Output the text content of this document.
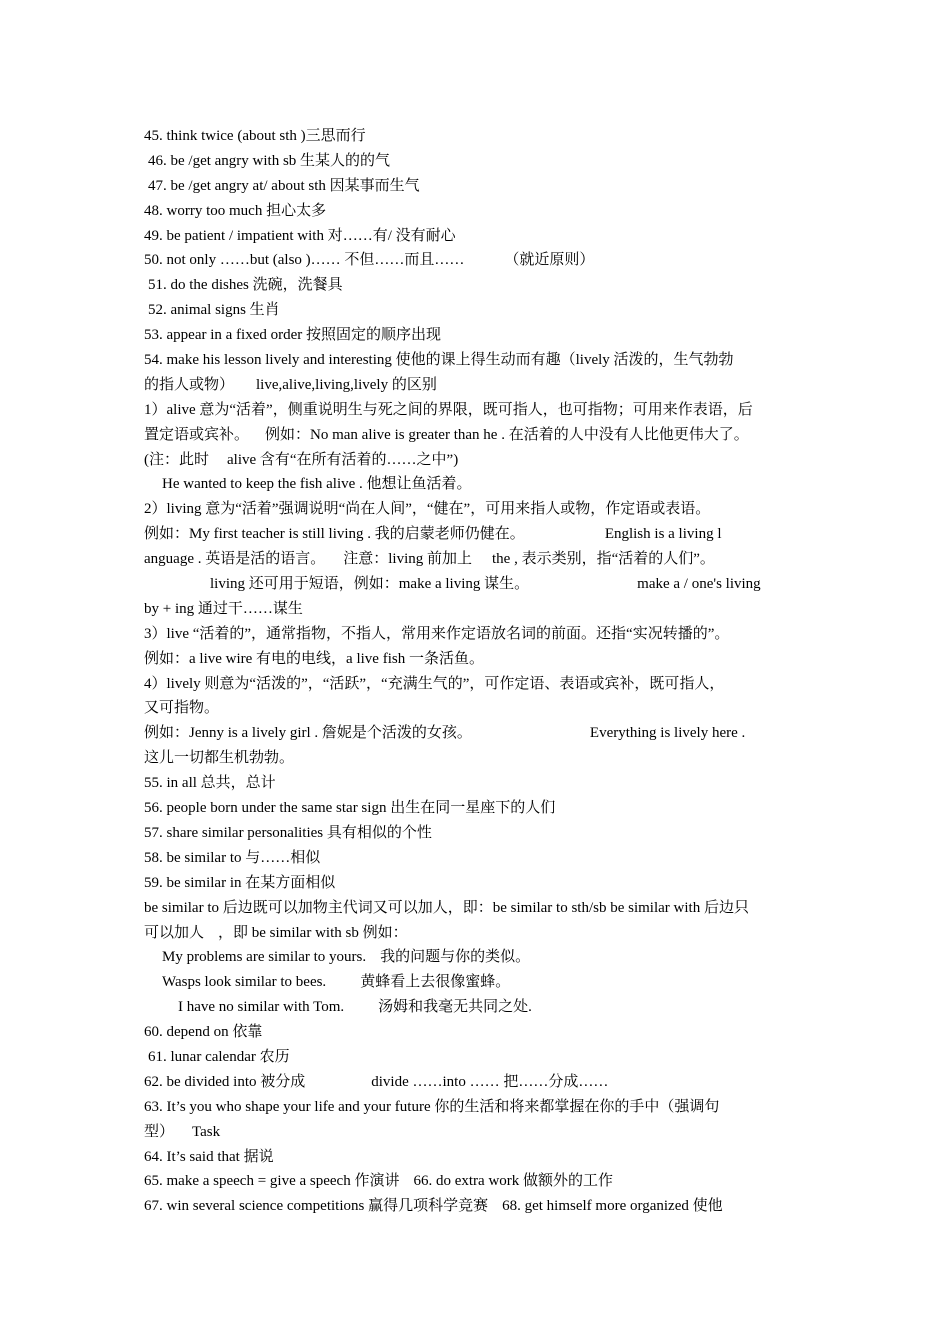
45. think twice (about sth )三思而行
46. be /get angry with sb 生某人的的气
47. be /get angry at/ about sth 因某事而生气
48. worry too much 担心太多
49. be patient / impatient with 对……有/ 没有耐心
50. not only ……but (also )…… 不但……而且……	（就近原则）
51. do the dishes 洗碗，洗餐具
52. animal signs 生肖
53. appear in a fixed order 按照固定的顺序出现
54. make his lesson lively and interesting 使他的课上得生动而有趣（lively 活泼的，生气勃勃
的指人或物） live,alive,living,lively 的区别
1）alive 意为“活着”，侧重说明生与死之间的界限，既可指人，也可指物；可用来作表语，后
置定语或宾补。 例如：No man alive is greater than he . 在活着的人中没有人比他更伟大了。
(注：此时 alive 含有“在所有活着的……之中”)
He wanted to keep the fish alive . 他想让鱼活着。
2）living 意为“活着”强调说明“尚在人间”，“健在”，可用来指人或物，作定语或表语。
例如：My first teacher is still living . 我的启蒙老师仍健在。	English is a living l
anguage . 英语是活的语言。 注意：living 前加上 the , 表示类别，指“活着的人们”。
living 还可用于短语，例如：make a living 谋生。	make a / one's living
by + ing 通过干……谋生
3）live “活着的”，通常指物，不指人，常用来作定语放名词的前面。还指“实况转播的”。
例如：a live wire 有电的电线，a live fish 一条活鱼。
4）lively 则意为“活泼的”，“活跃”，“充满生气的”，可作定语、表语或宾补，既可指人，
又可指物。
例如：Jenny is a lively girl . 詹妮是个活泼的女孩。	Everything is lively here .
这儿一切都生机勃勃。
55. in all 总共，总计
56. people born under the same star sign 出生在同一星座下的人们
57. share similar personalities 具有相似的个性
58. be similar to 与……相似
59. be similar in 在某方面相似
be similar to 后边既可以加物主代词又可以加人，即：be similar to sth/sb be similar with 后边只
可以加人 ，即 be similar with sb 例如：
My problems are similar to yours. 我的问题与你的类似。
Wasps look similar to bees. 黄蜂看上去很像蜜蜂。
I have no similar with Tom. 汤姆和我毫无共同之处.
60. depend on 依靠
61. lunar calendar 农历
62. be divided into 被分成	divide ……into …… 把……分成……
63. It’s you who shape your life and your future 你的生活和将来都掌握在你的手中（强调句
型） Task
64. It’s said that 据说
65. make a speech = give a speech 作演讲 66. do extra work 做额外的工作
67. win several science competitions 赢得几项科学竞赛 68. get himself more organized 使他
